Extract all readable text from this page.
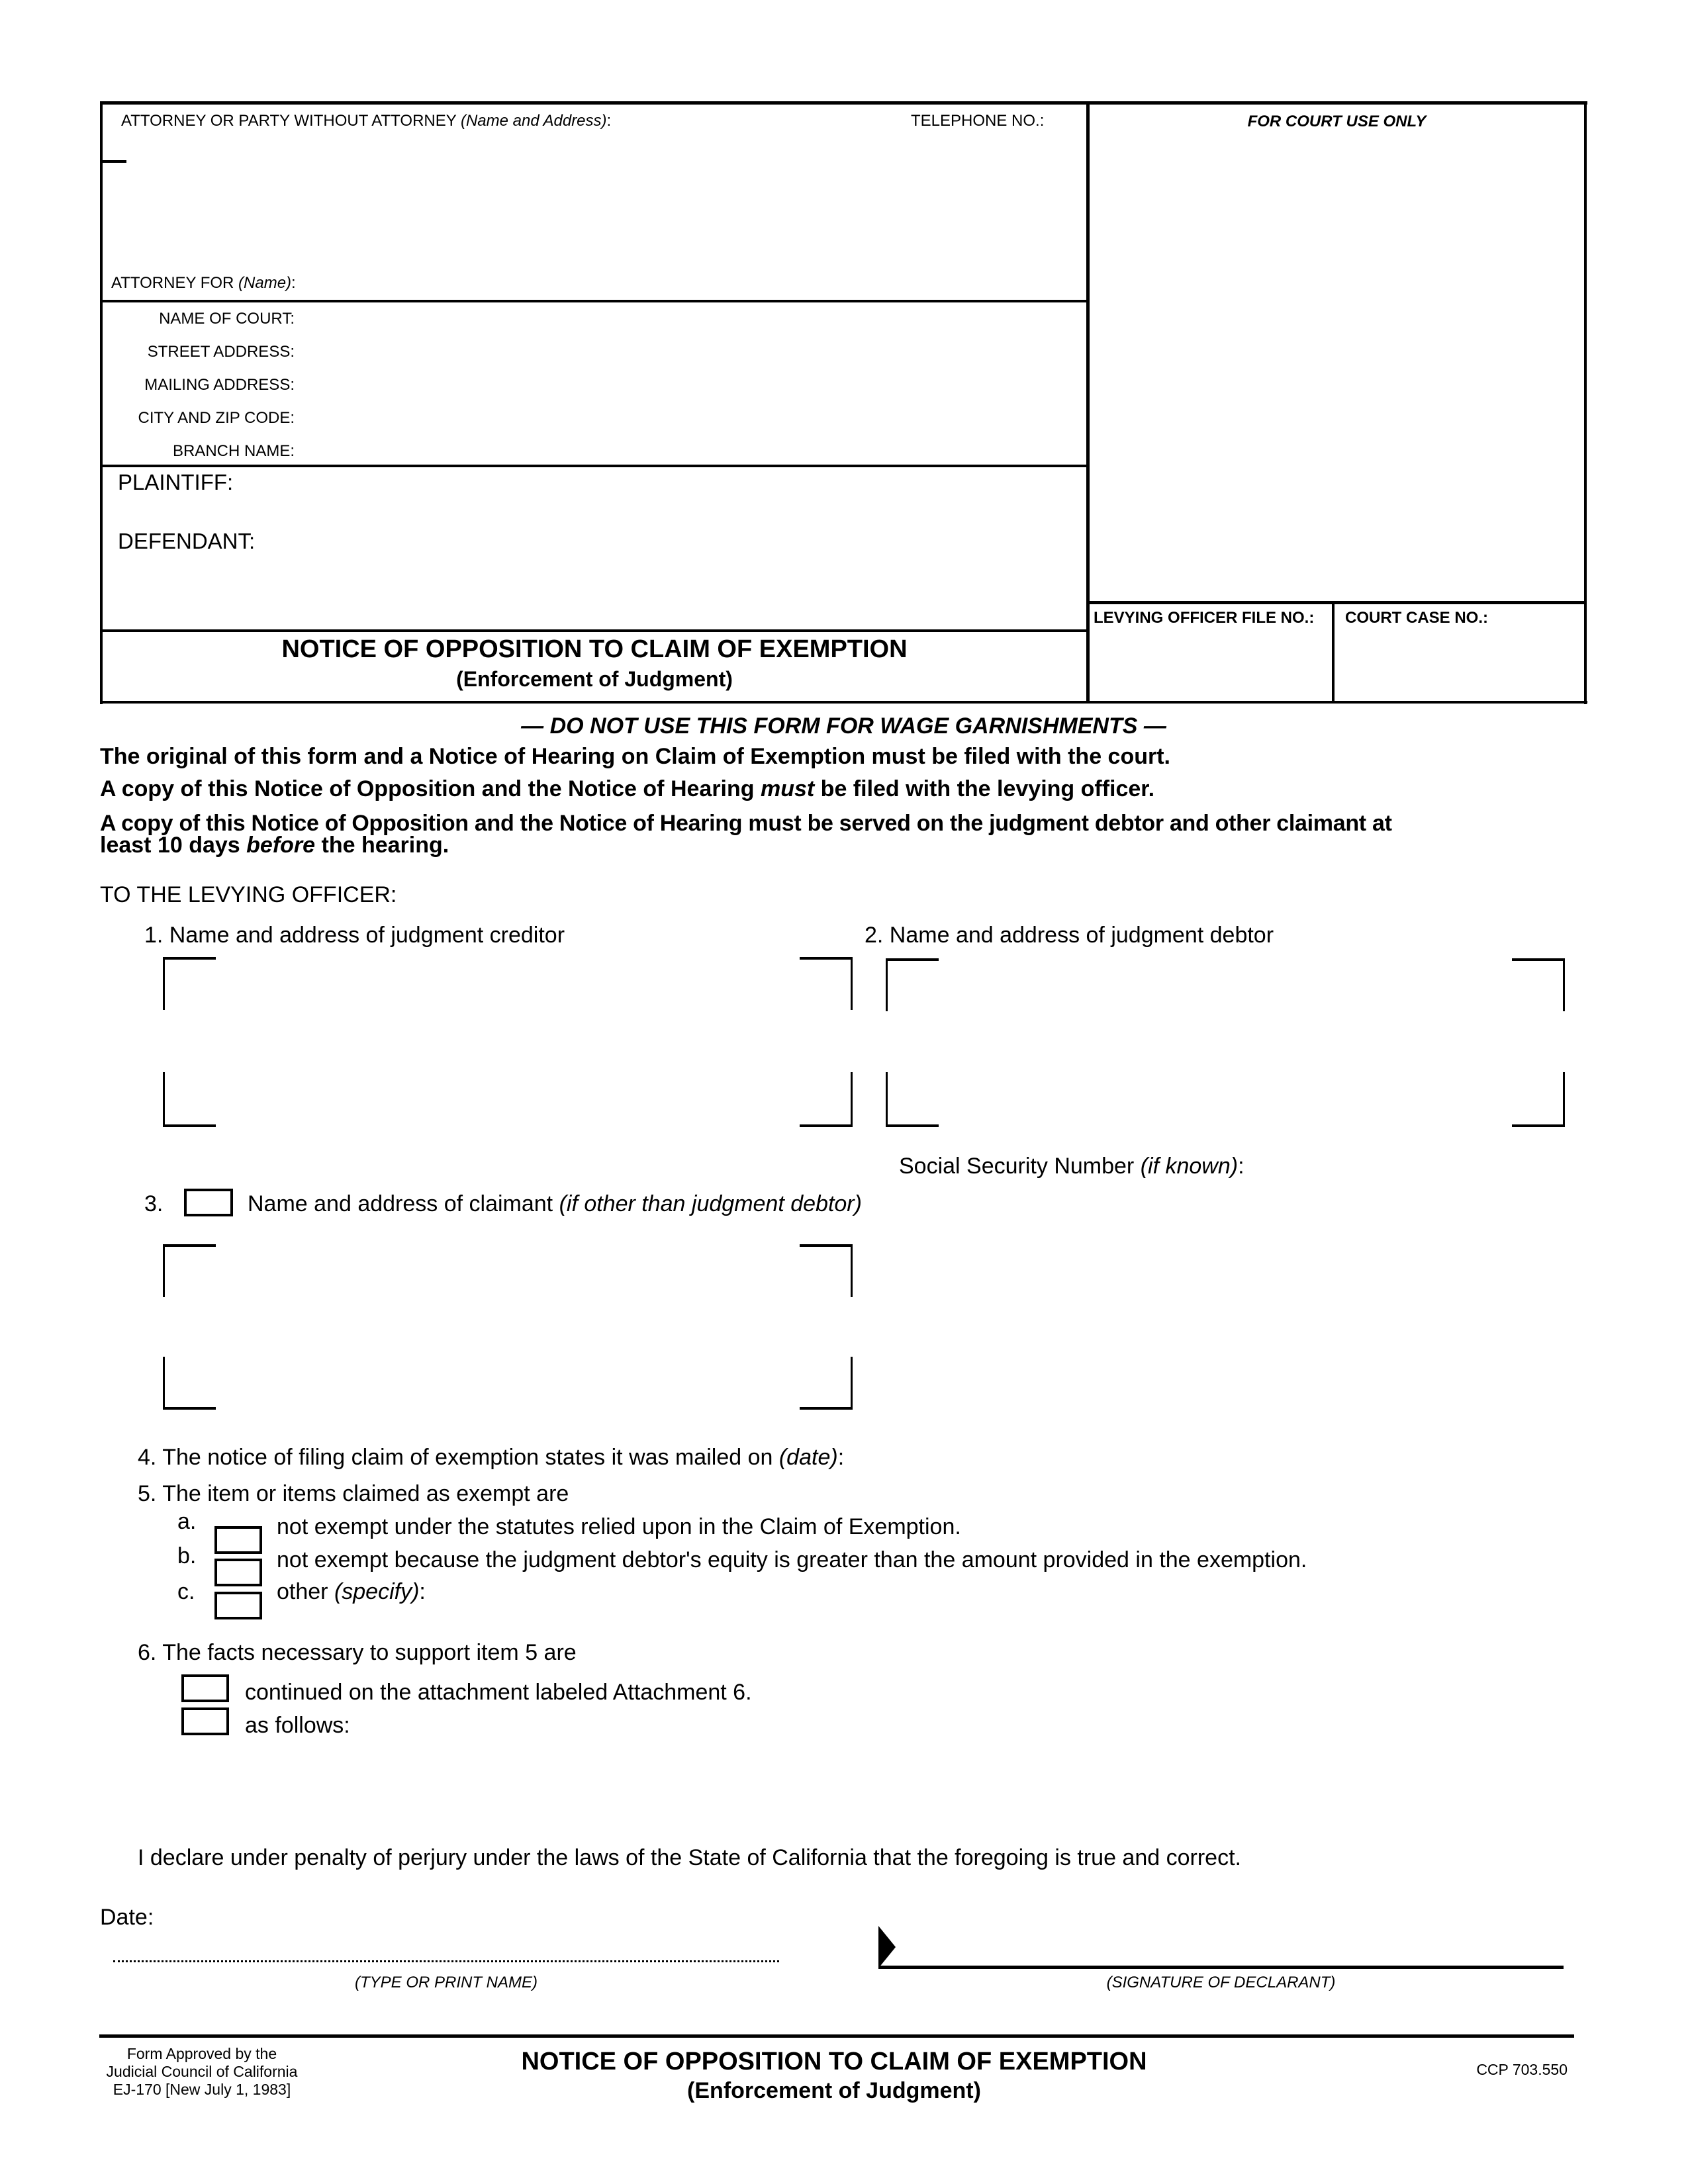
ATTORNEY OR PARTY WITHOUT ATTORNEY (Name and Address):	TELEPHONE NO.:
ATTORNEY FOR (Name):
NAME OF COURT:
STREET ADDRESS:
MAILING ADDRESS:
CITY AND ZIP CODE:
BRANCH NAME:
PLAINTIFF:
DEFENDANT:
NOTICE OF OPPOSITION TO CLAIM OF EXEMPTION
(Enforcement of Judgment)
FOR COURT USE ONLY
LEVYING OFFICER FILE NO.: COURT CASE NO.:
— DO NOT USE THIS FORM FOR WAGE GARNISHMENTS —
The original of this form and a Notice of Hearing on Claim of Exemption must be filed with the court.
A copy of this Notice of Opposition and the Notice of Hearing must be filed with the levying officer.
A copy of this Notice of Opposition and the Notice of Hearing must be served on the judgment debtor and other claimant at
least 10 days before the hearing.
TO THE LEVYING OFFICER:
1. Name and address of judgment creditor	2. Name and address of judgment debtor
Social Security Number (if known):
3.	Name and address of claimant (if other than judgment debtor)
4. The notice of filing claim of exemption states it was mailed on (date):
5. The item or items claimed as exempt are
a.	not exempt under the statutes relied upon in the Claim of Exemption.
b.	not exempt because the judgment debtor's equity is greater than the amount provided in the exemption.
c.	other (specify):
6. The facts necessary to support item 5 are
continued on the attachment labeled Attachment 6.
as follows:
I declare under penalty of perjury under the laws of the State of California that the foregoing is true and correct.
Date:
(TYPE OR PRINT NAME)	(SIGNATURE OF DECLARANT)
Form Approved by the
Judicial Council of California
EJ-170 [New July 1, 1983]
NOTICE OF OPPOSITION TO CLAIM OF EXEMPTION
(Enforcement of Judgment)
CCP 703.550
